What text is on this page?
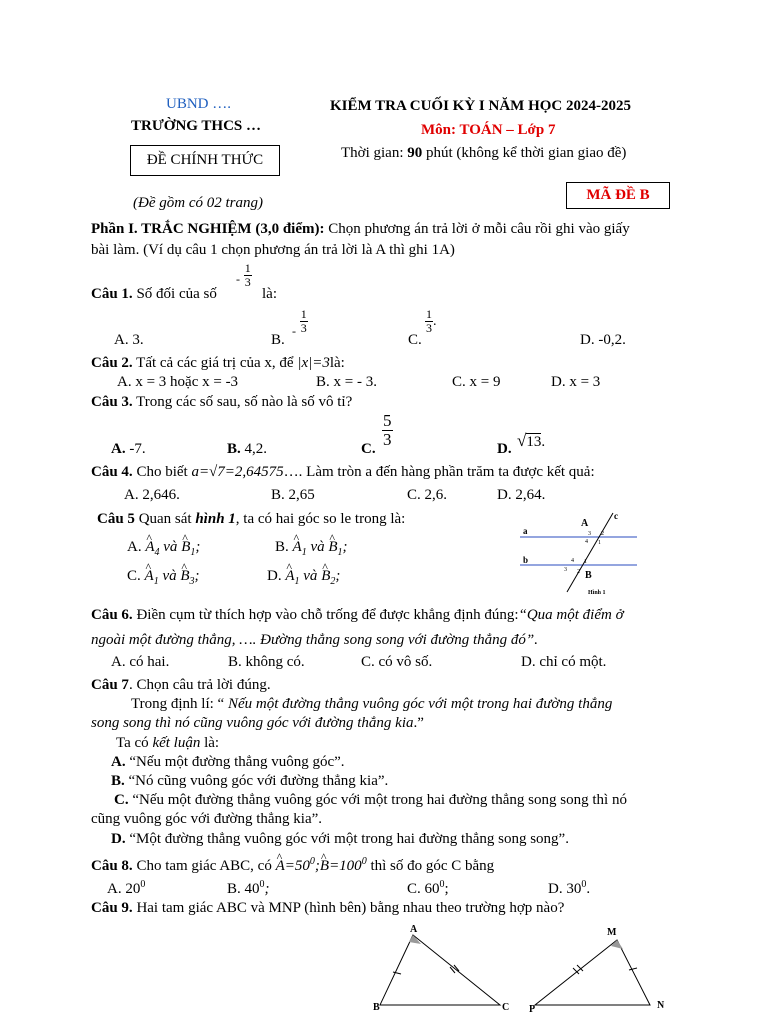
UBND ….
TRƯỜNG THCS …
ĐỀ CHÍNH THỨC
(Đề gồm có 02 trang)
KIỂM TRA CUỐI KỲ I NĂM HỌC 2024-2025
Môn: TOÁN – Lớp 7
Thời gian: 90 phút (không kể thời gian giao đề)
MÃ ĐỀ B
Phần I. TRẮC NGHIỆM (3,0 điểm): Chọn phương án trả lời ở mỗi câu rồi ghi vào giấy
bài làm. (Ví dụ câu 1 chọn phương án trả lời là A thì ghi 1A)
Câu 1. Số đối của số
$^- \frac{1}{3}$
là:
A. 3.	B.
$_- \frac{1}{3}$
C.
$\frac{1}{3}$ .
D. -0,2.
Câu 2. Tất cả các giá trị của x, để |x|=3là:
A. x = 3 hoặc x = -3	B. x = - 3.	C. x = 9	D. x = 3
Câu 3. Trong các số sau, số nào là số vô tỉ?
A. -7.	B. 4,2.	C. $\frac{5}{3}$	D. √13.
Câu 4. Cho biết a=√7=2,64575…. Làm tròn a đến hàng phần trăm ta được kết quả:
A. 2,646.	B. 2,65	C. 2,6.	D. 2,64.
Câu 5 Quan sát hình 1, ta có hai góc so le trong là:
A. ^ $A_4$ và ^ $B_1$;	B. ^ $A_1$ và ^ $B_1$;
C. ^ $A_1$ và ^ $B_3$;	D. ^ $A_1$ và ^ $B_2$;
a
b
c
A
B
3 2
4 1
4 1
3 2
Hình 1
Câu 6. Điền cụm từ thích hợp vào chỗ trống để được khẳng định đúng:“Qua một điểm ở
ngoài một đường thẳng, …. Đường thẳng song song với đường thẳng đó”.
A. có hai.	B. không có.	C. có vô số.	D. chỉ có một.
Câu 7. Chọn câu trả lời đúng.
Trong định lí: “ Nếu một đường thẳng vuông góc với một trong hai đường thẳng
song song thì nó cũng vuông góc với đường thẳng kia.”
Ta có kết luận là:
A. “Nếu một đường thẳng vuông góc”.
B. “Nó cũng vuông góc với đường thẳng kia”.
C. “Nếu một đường thẳng vuông góc với một trong hai đường thẳng song song thì nó
cũng vuông góc với đường thẳng kia”.
D. “Một đường thẳng vuông góc với một trong hai đường thẳng song song”.
Câu 8. Cho tam giác ABC, có ^ $A=50^0;\^{}$ $B=100^0$ thì số đo góc C bằng
A. $20^0$	B. $40^0$;	C. $60^0$;	D. $30^0$.
Câu 9. Hai tam giác ABC và MNP (hình bên) bằng nhau theo trường hợp nào?
A
B	C
M
P	N
